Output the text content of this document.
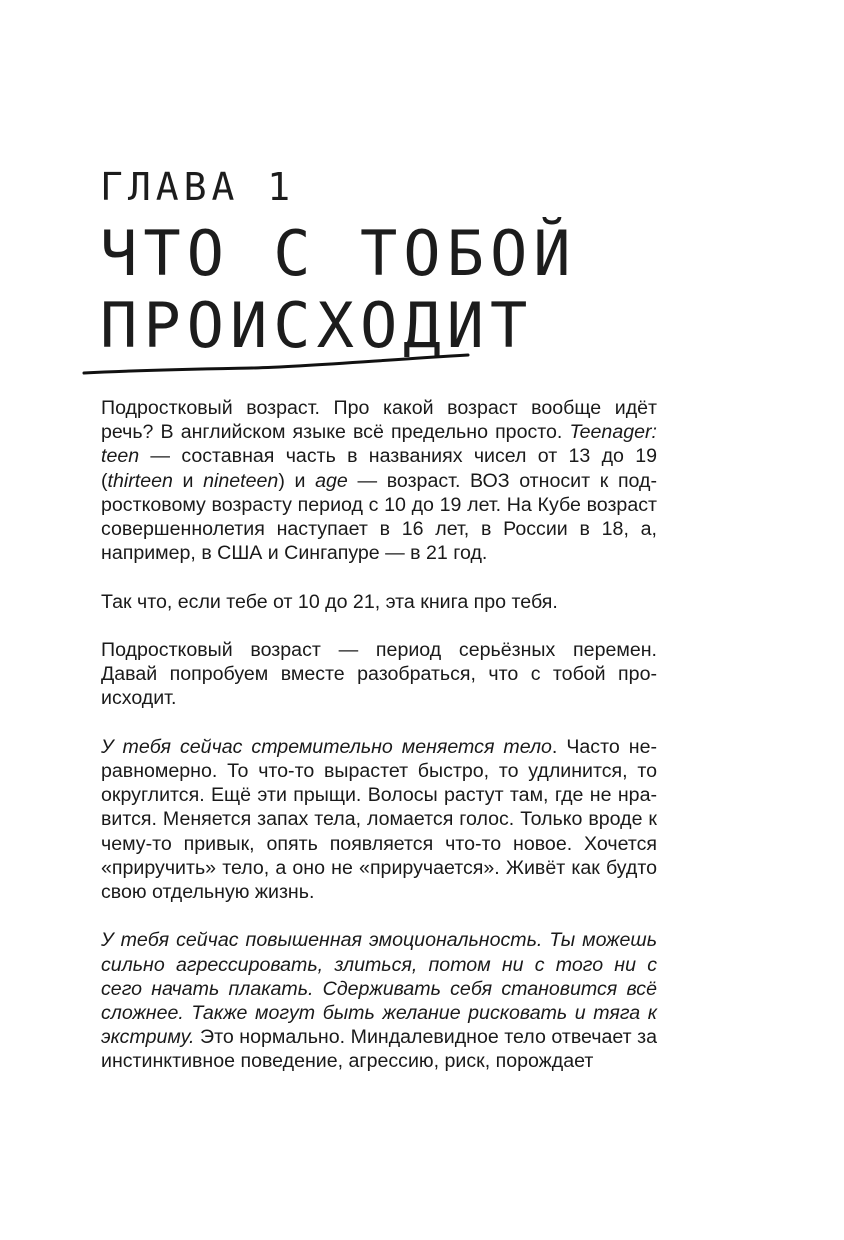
ГЛАВА 1
ЧТО С ТОБОЙ
ПРОИСХОДИТ

Подростковый возраст. Про какой возраст вообще идёт речь? В английском языке всё предельно просто. Teenager: teen — составная часть в названиях чисел от 13 до 19 (thirteen и nineteen) и age — возраст. ВОЗ относит к подростковому возрасту период с 10 до 19 лет. На Кубе возраст совершеннолетия наступает в 16 лет, в России в 18, а, например, в США и Сингапуре — в 21 год.

Так что, если тебе от 10 до 21, эта книга про тебя.

Подростковый возраст — период серьёзных перемен. Давай попробуем вместе разобраться, что с тобой происходит.

У тебя сейчас стремительно меняется тело. Часто неравномерно. То что-то вырастет быстро, то удлинится, то округлится. Ещё эти прыщи. Волосы растут там, где не нравится. Меняется запах тела, ломается голос. Только вроде к чему-то привык, опять появляется что-то новое. Хочется «приручить» тело, а оно не «приручается». Живёт как будто свою отдельную жизнь.

У тебя сейчас повышенная эмоциональность. Ты можешь сильно агрессировать, злиться, потом ни с того ни с сего начать плакать. Сдерживать себя становится всё сложнее. Также могут быть желание рисковать и тяга к экстриму. Это нормально. Миндалевидное тело отвечает за инстинктивное поведение, агрессию, риск, порождает
